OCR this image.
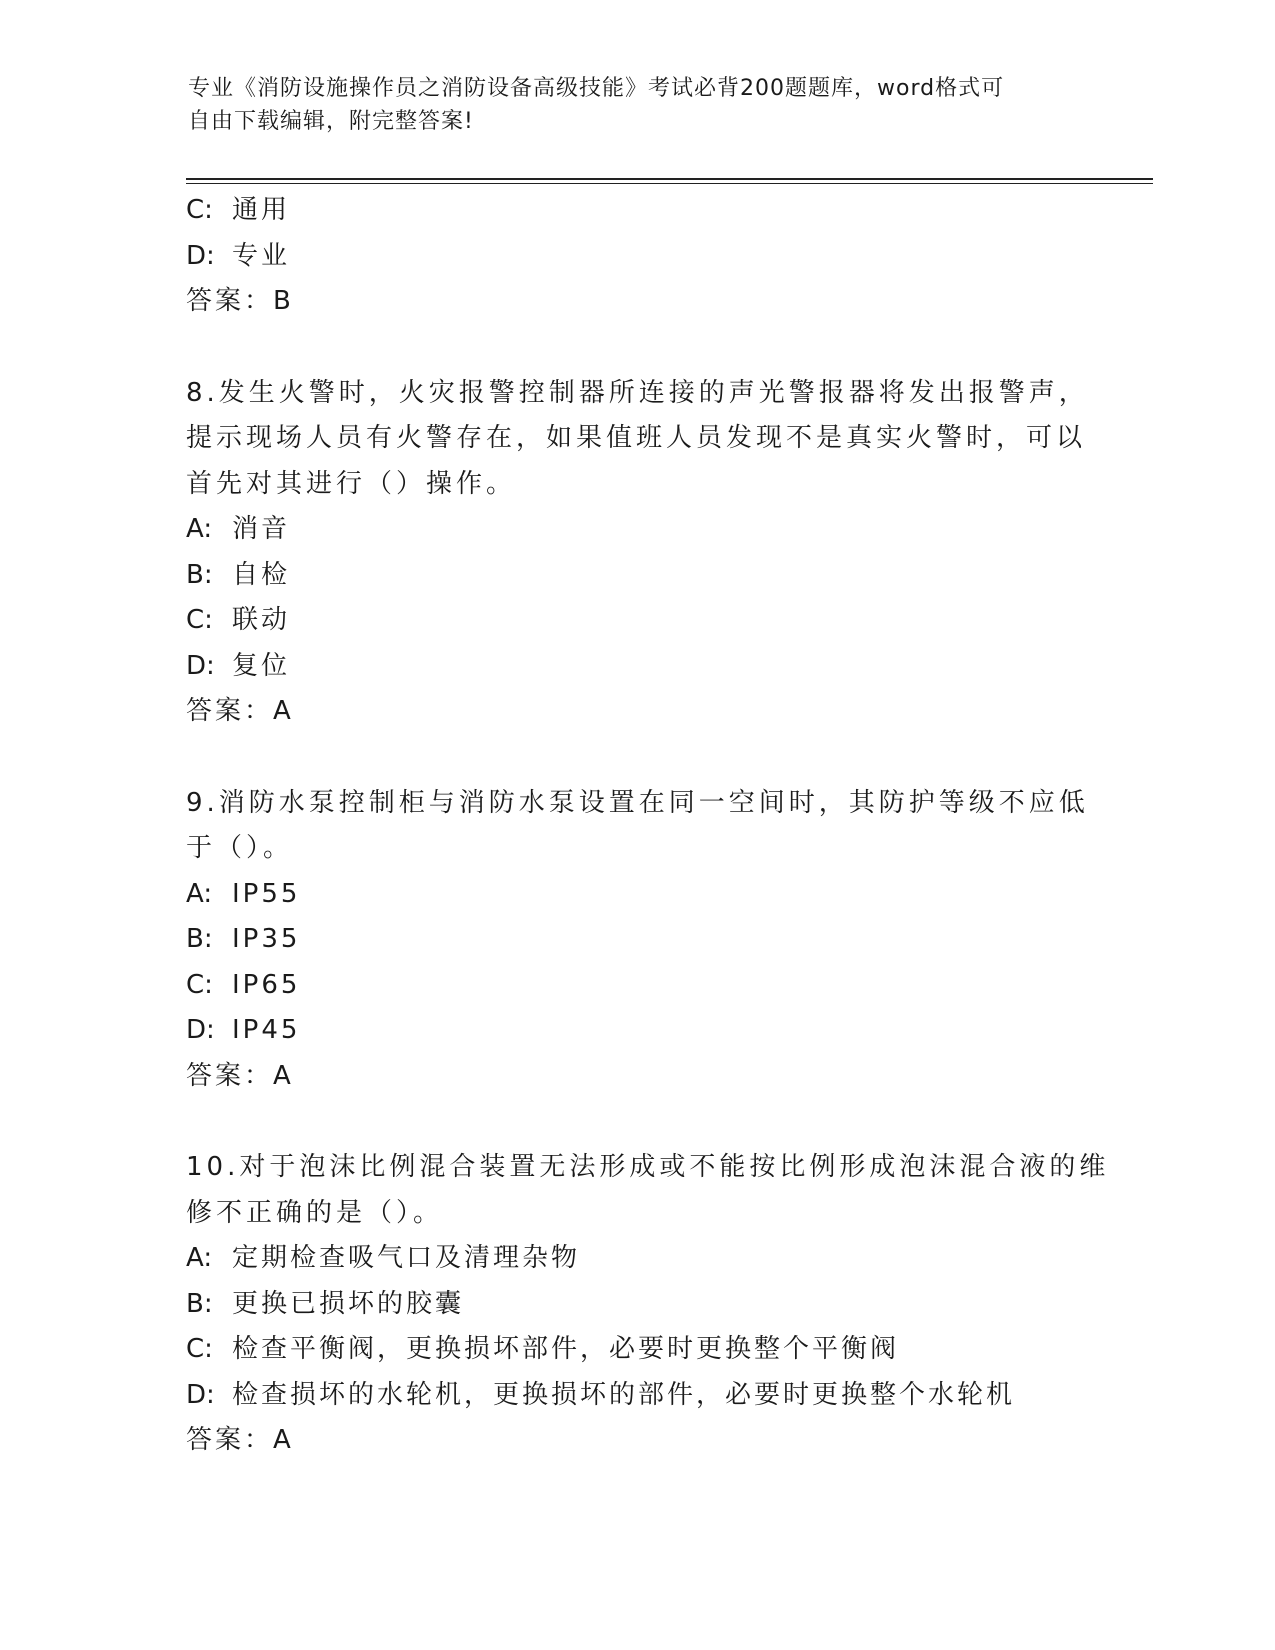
专业《消防设施操作员之消防设备高级技能》考试必背200题题库，word格式可
自由下载编辑，附完整答案!
C: 通用
D: 专业
答案：B
8.发生火警时，火灾报警控制器所连接的声光警报器将发出报警声，
提示现场人员有火警存在，如果值班人员发现不是真实火警时，可以
首先对其进行（）操作。
A: 消音
B: 自检
C: 联动
D: 复位
答案：A
9.消防水泵控制柜与消防水泵设置在同一空间时，其防护等级不应低
于（）。
A: IP55
B: IP35
C: IP65
D: IP45
答案：A
10.对于泡沫比例混合装置无法形成或不能按比例形成泡沫混合液的维
修不正确的是（）。
A: 定期检查吸气口及清理杂物
B: 更换已损坏的胶囊
C: 检查平衡阀，更换损坏部件，必要时更换整个平衡阀
D: 检查损坏的水轮机，更换损坏的部件，必要时更换整个水轮机
答案：A
